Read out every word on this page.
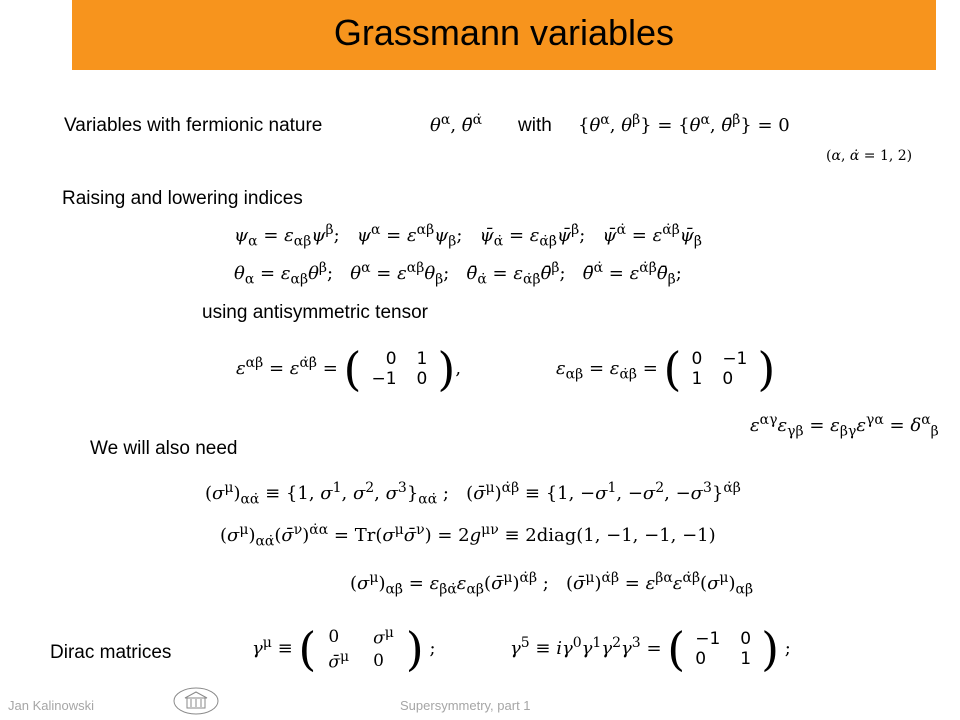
Grassmann variables
Variables with fermionic nature	$\theta^\alpha$, θ̄$^{\alphȧ}$ with {$\theta^\alpha$, $\theta^\beta\} = \{\theta^\alpha$, θ̄$^{\betȧ}$} = 0
(α, α̇ = 1, 2)
Raising and lowering indices
$\psi_\alpha = \varepsilon_{\alpha\beta}\psi^\beta$;   $\psi^\alpha = \varepsilon^{\alpha\beta}\psi_\beta$;   $\psī_{\alphȧ}$ = $\varepsilon_{\alphȧ\betȧ}\psī^{\betȧ}$;   ψ̄$^{\alphȧ}$ = $\varepsilon^{\alphȧ\betȧ}\psī_{\betȧ}$
$\theta_\alpha = \varepsilon_{\alpha\beta}\theta^\beta$;   $\theta^\alpha = \varepsilon^{\alpha\beta}\theta_\beta$;   $\thetā_{\alphȧ}$ = $\varepsilon_{\alphȧ\betȧ}\thetā^{\betȧ}$;   θ̄$^{\alphȧ}$ = $\varepsilon^{\alphȧ\betȧ}\thetā_{\betȧ}$;
using antisymmetric tensor
$\varepsilon^{\alpha\beta} = \varepsilon^{\alphȧ\betȧ}$ = ( 0	1
−1	0 ),	$\varepsilon_{\alpha\beta} = \varepsilon_{\alphȧ\betȧ}$ = ( 0	−1
1	0 )
$\varepsilon^{\alpha\gamma}\varepsilon_{\gamma\beta} = \varepsilon_{\beta\gamma}\varepsilon^{\gamma\alpha} = \delta^\alpha_\beta$
We will also need
$(\sigma^\mu)_{\alpha\alphȧ} \equiv \{1$, $\sigma^1$, $\sigma^2$, $\sigma^3\}_{\alpha\alphȧ}$ ;   (σ̄$^\mu$)$^{\alphȧ\beta}$ ≡ {1, $-\sigma^1$, $-\sigma^2$, $-\sigma^3\}^{\alphȧ\beta}$
$(\sigma^\mu)_{\alpha\alphȧ}(\sigmā^\nu)^{\alphȧ\alpha}$ = $Tr(\sigma^\mu\sigmā^\nu) = 2g^{\mu\nu}$ ≡ 2diag(1, −1, −1, −1)
$(\sigma^\mu)_{\alpha\betȧ}$ = $\varepsilon_{\betȧ\alphȧ}\varepsilon_{\alpha\beta}(\sigmā^\mu)^{\alphȧ\beta}$ ;   (σ̄$^\mu$)$^{\alphȧ\beta}$ = $\varepsilon^{\beta\alpha}\varepsilon^{\alphȧ\betȧ}(\sigma^\mu)_{\alpha\betȧ}$
Dirac matrices	$\gamma^\mu$ ≡ ( 0	$\sigma^\mu$
σ̄$^\mu$	0 ) ;	$\gamma^5 \equiv i\gamma^0\gamma^1\gamma^2\gamma^3$ = ( −1	0
0	1 ) ;
Jan Kalinowski	Supersymmetry, part 1
